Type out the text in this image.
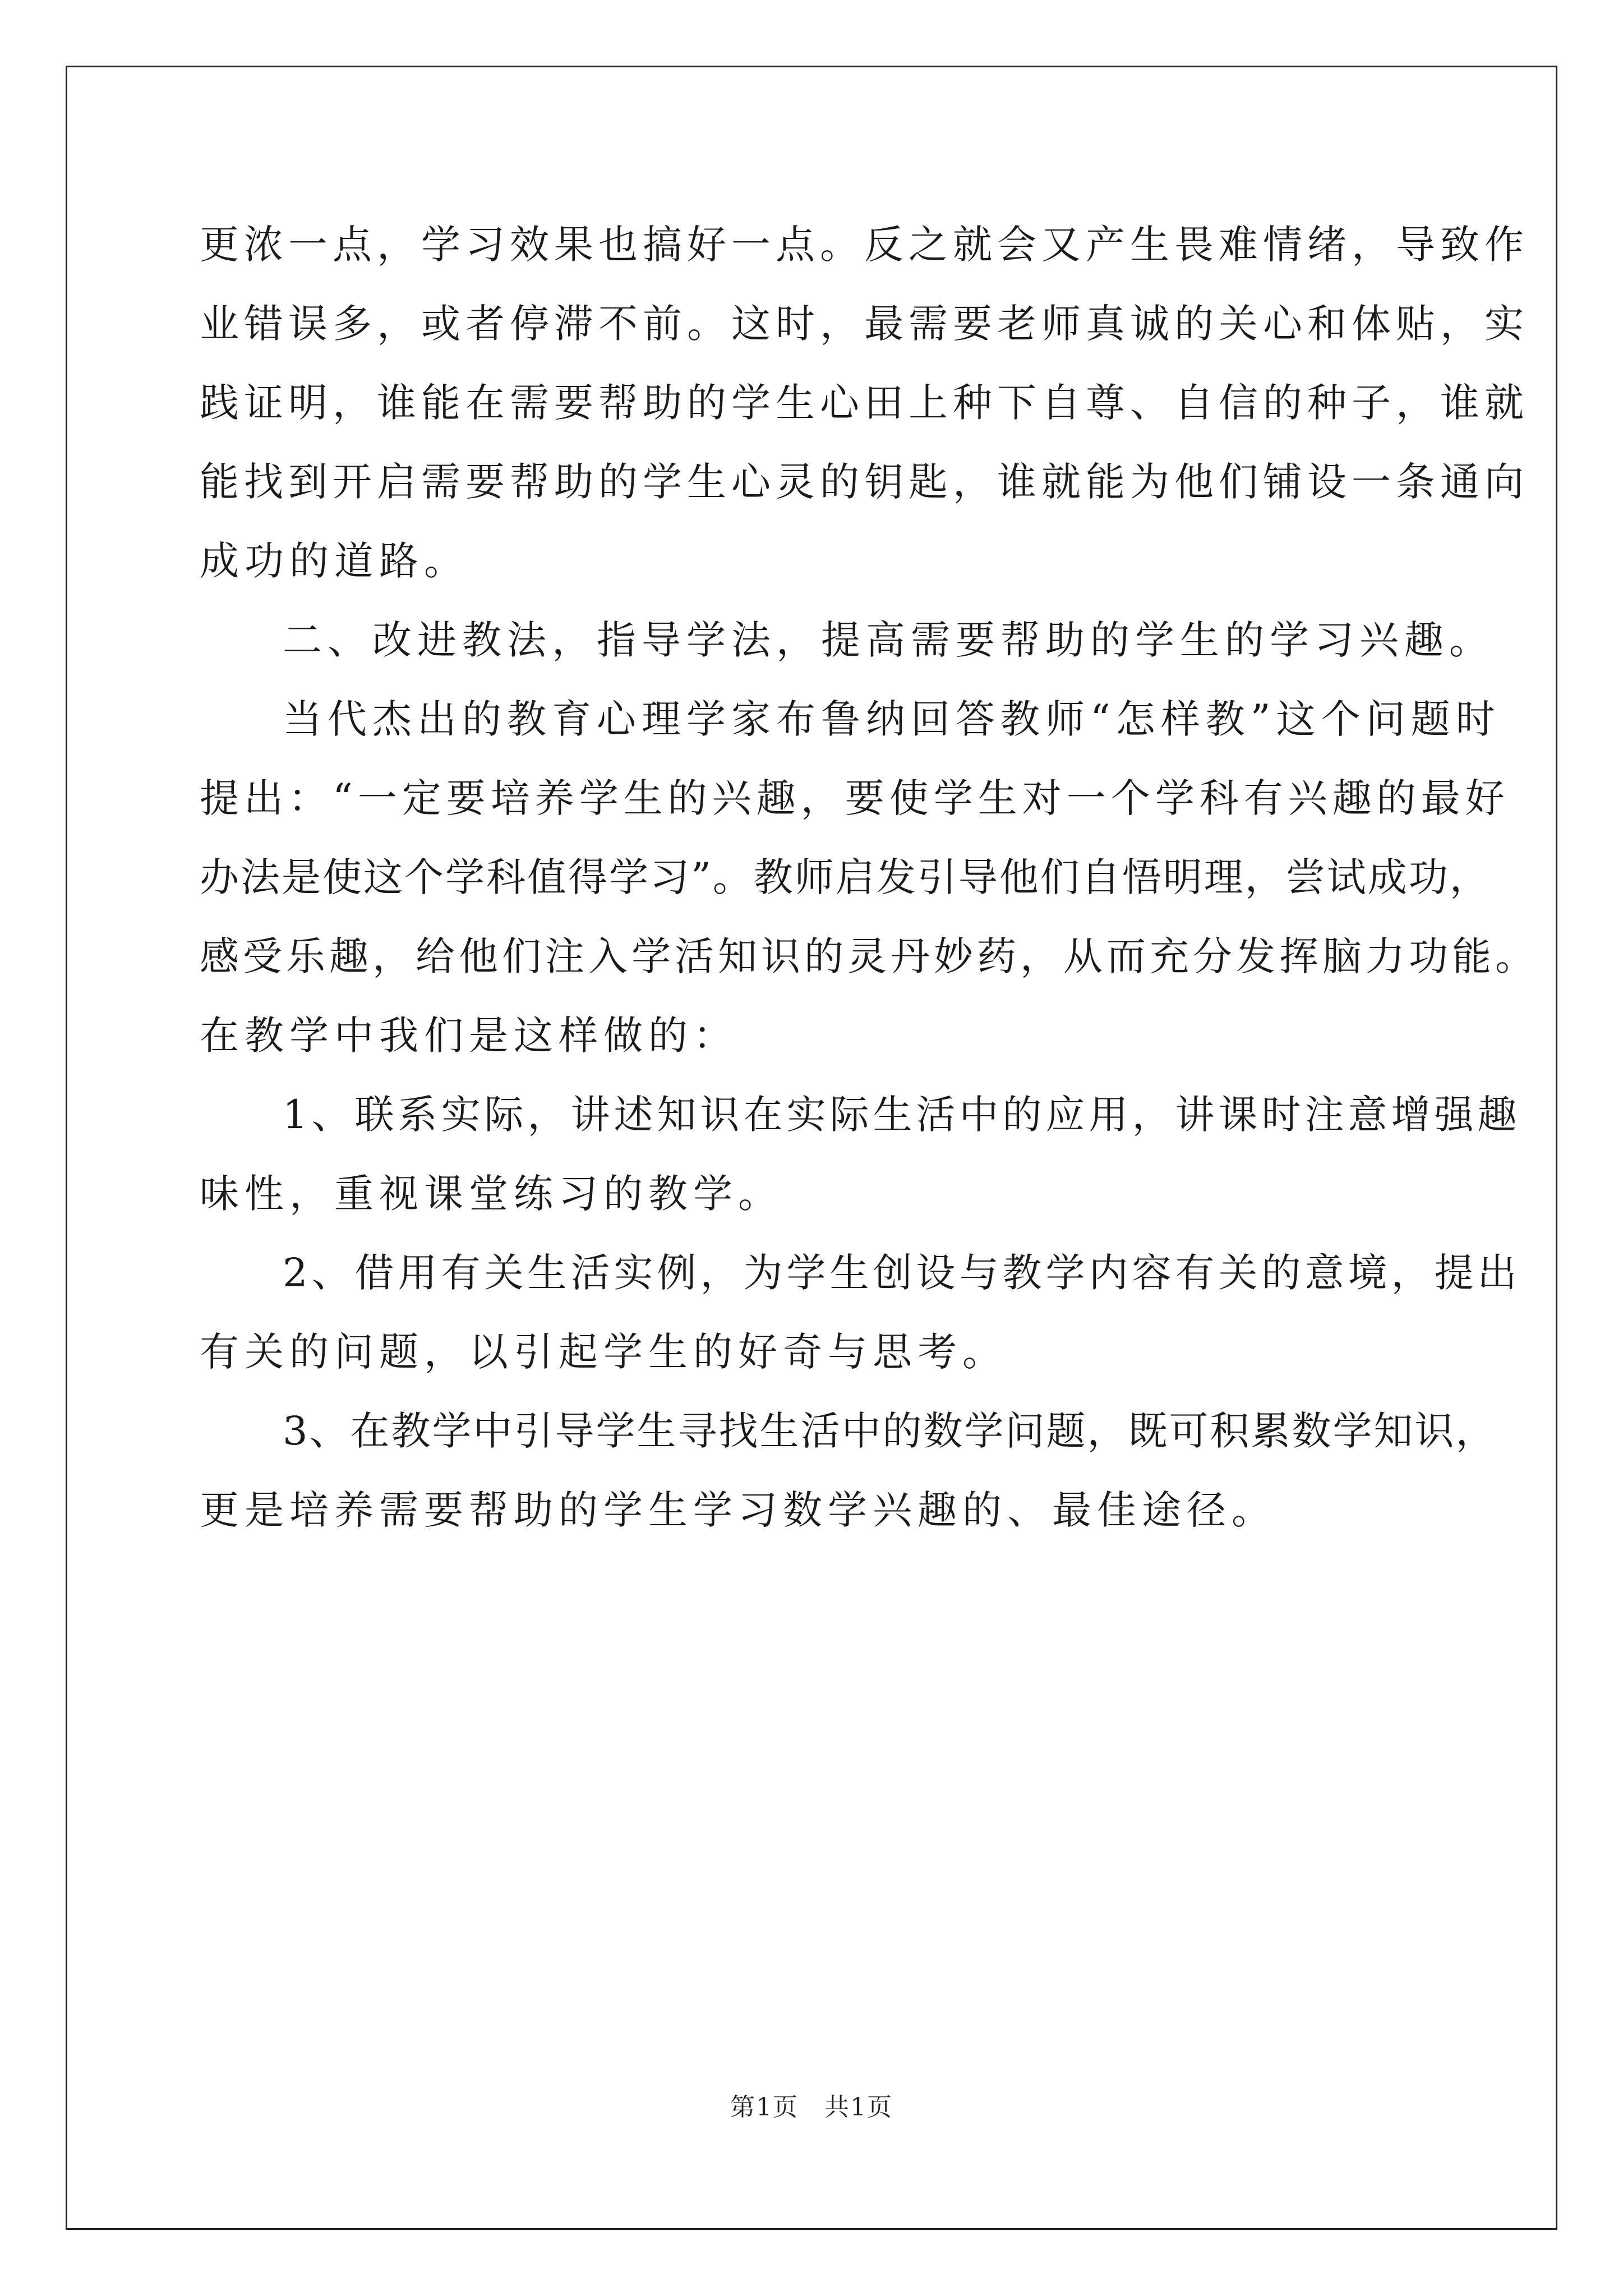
更浓一点，学习效果也搞好一点。反之就会又产生畏难情绪，导致作
业错误多，或者停滞不前。这时，最需要老师真诚的关心和体贴，实
践证明，谁能在需要帮助的学生心田上种下自尊、自信的种子，谁就
能找到开启需要帮助的学生心灵的钥匙，谁就能为他们铺设一条通向
成功的道路。
二、改进教法，指导学法，提高需要帮助的学生的学习兴趣。
当代杰出的教育心理学家布鲁纳回答教师“怎样教”这个问题时
提出：“一定要培养学生的兴趣，要使学生对一个学科有兴趣的最好
办法是使这个学科值得学习”。教师启发引导他们自悟明理，尝试成功，
感受乐趣，给他们注入学活知识的灵丹妙药，从而充分发挥脑力功能。
在教学中我们是这样做的：
1、联系实际，讲述知识在实际生活中的应用，讲课时注意增强趣
味性，重视课堂练习的教学。
2、借用有关生活实例，为学生创设与教学内容有关的意境，提出
有关的问题，以引起学生的好奇与思考。
3、在教学中引导学生寻找生活中的数学问题，既可积累数学知识，
更是培养需要帮助的学生学习数学兴趣的、最佳途径。
第1页　共1页
